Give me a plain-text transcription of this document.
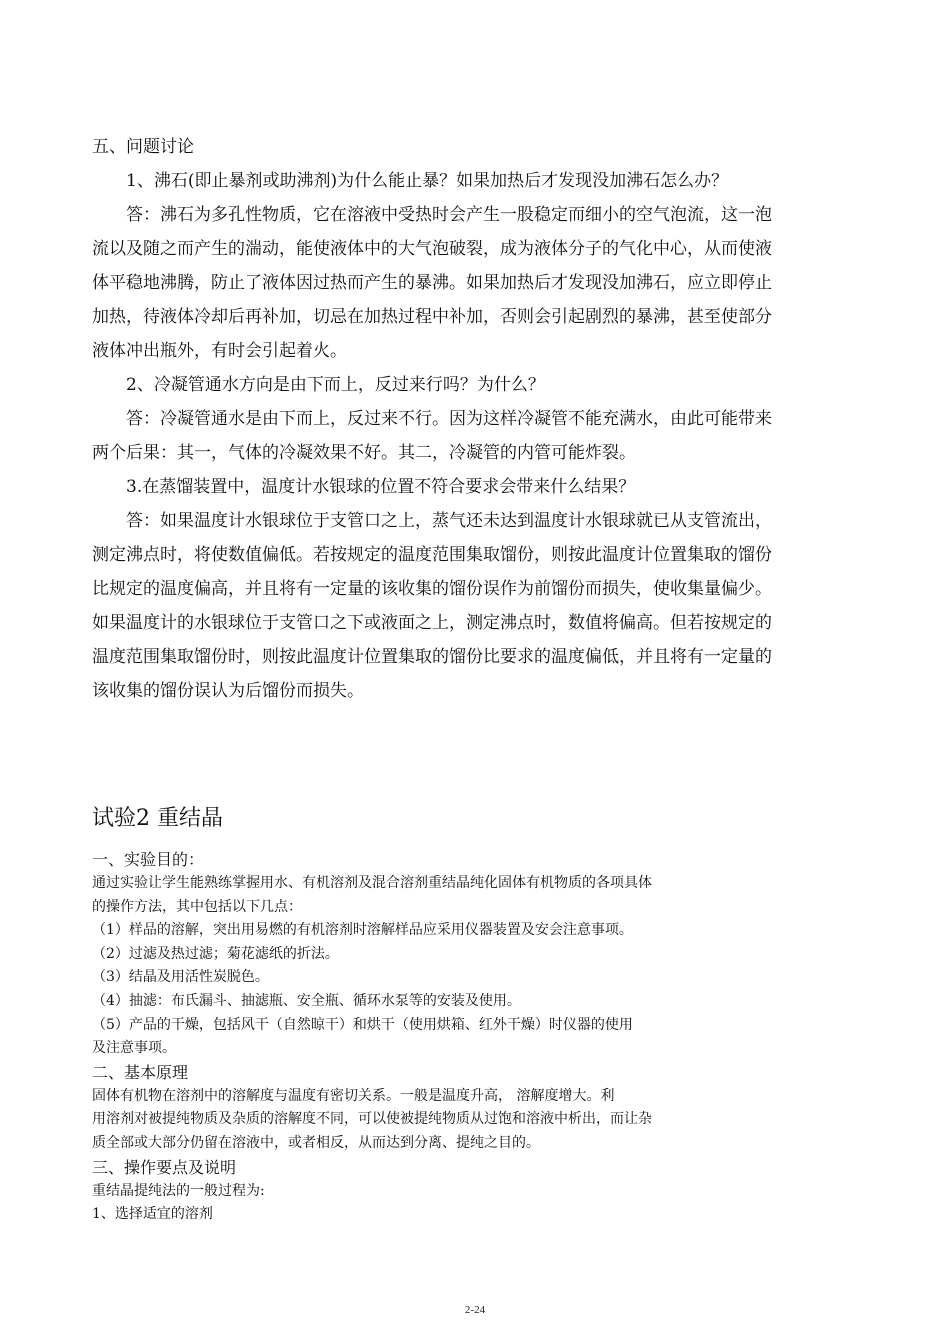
五、问题讨论

1、沸石(即止暴剂或助沸剂)为什么能止暴？如果加热后才发现没加沸石怎么办？

答：沸石为多孔性物质，它在溶液中受热时会产生一股稳定而细小的空气泡流，这一泡

流以及随之而产生的湍动，能使液体中的大气泡破裂，成为液体分子的气化中心，从而使液

体平稳地沸腾，防止了液体因过热而产生的暴沸。如果加热后才发现没加沸石，应立即停止

加热，待液体冷却后再补加，切忌在加热过程中补加，否则会引起剧烈的暴沸，甚至使部分

液体冲出瓶外，有时会引起着火。

2、冷凝管通水方向是由下而上，反过来行吗？为什么？

答：冷凝管通水是由下而上，反过来不行。因为这样冷凝管不能充满水，由此可能带来

两个后果：其一，气体的冷凝效果不好。其二，冷凝管的内管可能炸裂。

3.在蒸馏装置中，温度计水银球的位置不符合要求会带来什么结果？

答：如果温度计水银球位于支管口之上，蒸气还未达到温度计水银球就已从支管流出，

测定沸点时，将使数值偏低。若按规定的温度范围集取馏份，则按此温度计位置集取的馏份

比规定的温度偏高，并且将有一定量的该收集的馏份误作为前馏份而损失，使收集量偏少。

如果温度计的水银球位于支管口之下或液面之上，测定沸点时，数值将偏高。但若按规定的

温度范围集取馏份时，则按此温度计位置集取的馏份比要求的温度偏低，并且将有一定量的

该收集的馏份误认为后馏份而损失。

试验2 重结晶

一、实验目的：

通过实验让学生能熟练掌握用水、有机溶剂及混合溶剂重结晶纯化固体有机物质的各项具体

的操作方法，其中包括以下几点：

（1）样品的溶解，突出用易燃的有机溶剂时溶解样品应采用仪器装置及安会注意事项。

（2）过滤及热过滤；菊花滤纸的折法。

（3）结晶及用活性炭脱色。

（4）抽滤：布氏漏斗、抽滤瓶、安全瓶、循环水泵等的安装及使用。

（5）产品的干燥，包括风干（自然晾干）和烘干（使用烘箱、红外干燥）时仪器的使用

及注意事项。

二、基本原理

固体有机物在溶剂中的溶解度与温度有密切关系。一般是温度升高， 溶解度增大。利

用溶剂对被提纯物质及杂质的溶解度不同，可以使被提纯物质从过饱和溶液中析出，而让杂

质全部或大部分仍留在溶液中，或者相反，从而达到分离、提纯之目的。

三、操作要点及说明

重结晶提纯法的一般过程为:

1、选择适宜的溶剂

2-24
